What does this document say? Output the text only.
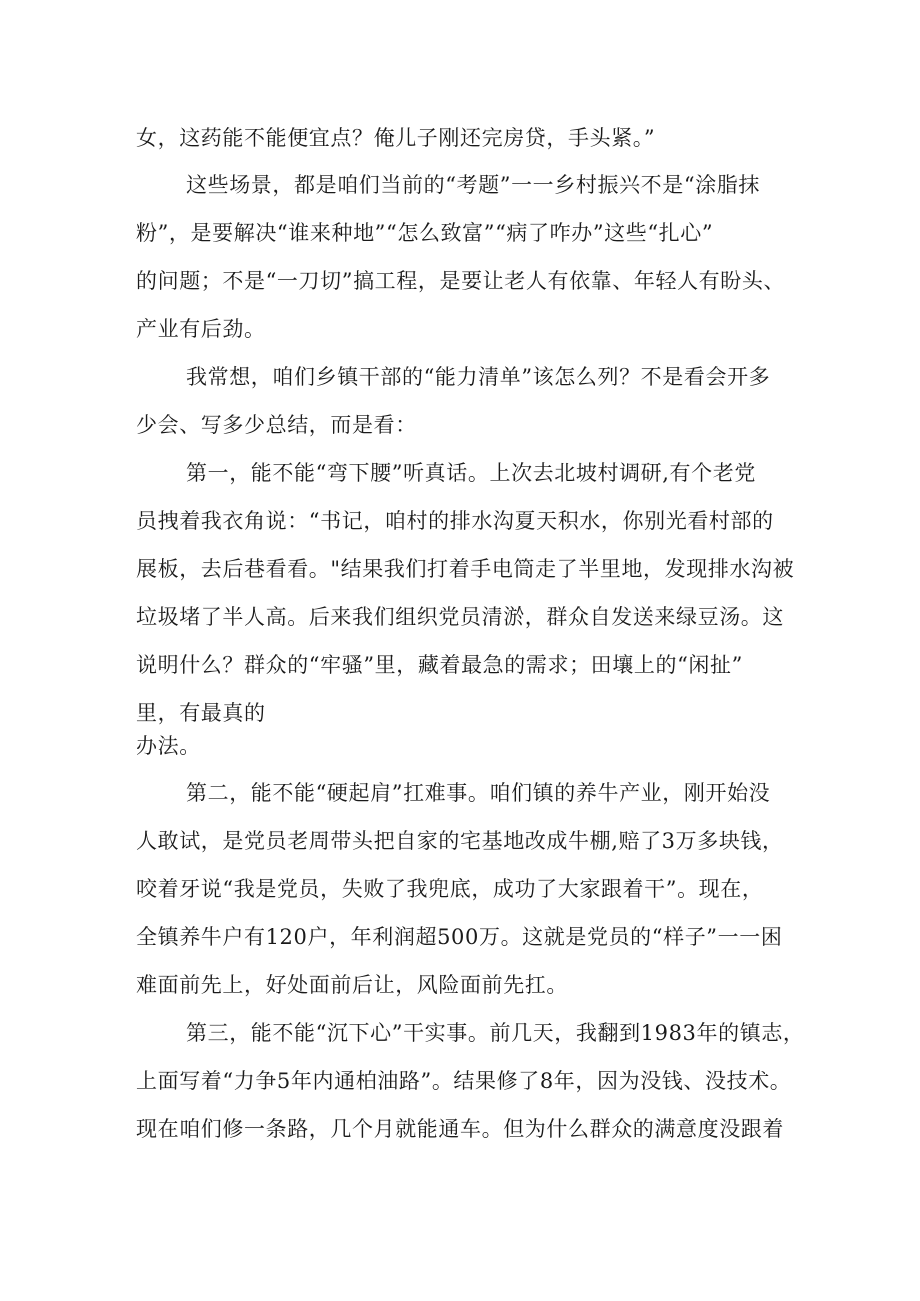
女，这药能不能便宜点？俺儿子刚还完房贷，手头紧。”
这些场景，都是咱们当前的“考题”一一乡村振兴不是“涂脂抹
粉”，是要解决“谁来种地”“怎么致富”“病了咋办”这些“扎心”
的问题；不是“一刀切”搞工程，是要让老人有依靠、年轻人有盼头、
产业有后劲。
我常想，咱们乡镇干部的“能力清单”该怎么列？不是看会开多
少会、写多少总结，而是看：
第一，能不能“弯下腰”听真话。上次去北坡村调研,有个老党
员拽着我衣角说：“书记，咱村的排水沟夏天积水，你别光看村部的
展板，去后巷看看。"结果我们打着手电筒走了半里地，发现排水沟被
垃圾堵了半人高。后来我们组织党员清淤，群众自发送来绿豆汤。这
说明什么？群众的“牢骚”里，藏着最急的需求；田壤上的“闲扯”
里，有最真的
办法。
第二，能不能“硬起肩”扛难事。咱们镇的养牛产业，刚开始没
人敢试，是党员老周带头把自家的宅基地改成牛棚,赔了3万多块钱，
咬着牙说“我是党员，失败了我兜底，成功了大家跟着干”。现在，
全镇养牛户有120户，年利润超500万。这就是党员的“样子”一一困
难面前先上，好处面前后让，风险面前先扛。
第三，能不能“沉下心”干实事。前几天，我翻到1983年的镇志，
上面写着“力争5年内通柏油路”。结果修了8年，因为没钱、没技术。
现在咱们修一条路，几个月就能通车。但为什么群众的满意度没跟着
